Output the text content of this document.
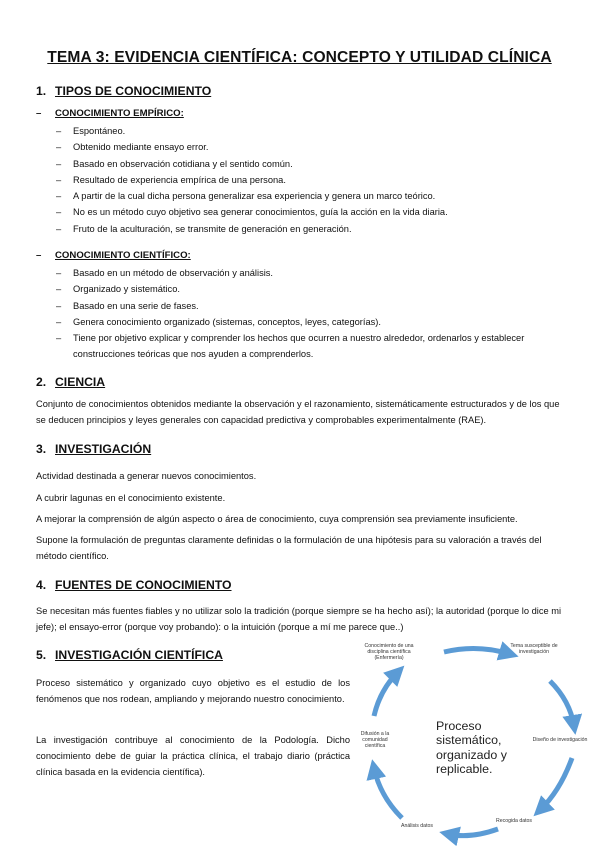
TEMA 3: EVIDENCIA CIENTÍFICA: CONCEPTO Y UTILIDAD CLÍNICA
1. TIPOS DE CONOCIMIENTO
– CONOCIMIENTO EMPÍRICO:
– Espontáneo.
– Obtenido mediante ensayo error.
– Basado en observación cotidiana y el sentido común.
– Resultado de experiencia empírica de una persona.
– A partir de la cual dicha persona generalizar esa experiencia y genera un marco teórico.
– No es un método cuyo objetivo sea generar conocimientos, guía la acción en la vida diaria.
– Fruto de la aculturación, se transmite de generación en generación.
– CONOCIMIENTO CIENTÍFICO:
– Basado en un método de observación y análisis.
– Organizado y sistemático.
– Basado en una serie de fases.
– Genera conocimiento organizado (sistemas, conceptos, leyes, categorías).
– Tiene por objetivo explicar y comprender los hechos que ocurren a nuestro alrededor, ordenarlos y establecer construcciones teóricas que nos ayuden a comprenderlos.
2. CIENCIA
Conjunto de conocimientos obtenidos mediante la observación y el razonamiento, sistemáticamente estructurados y de los que se deducen principios y leyes generales con capacidad predictiva y comprobables experimentalmente (RAE).
3. INVESTIGACIÓN
Actividad destinada a generar nuevos conocimientos.
A cubrir lagunas en el conocimiento existente.
A mejorar la comprensión de algún aspecto o área de conocimiento, cuya comprensión sea previamente insuficiente.
Supone la formulación de preguntas claramente definidas o la formulación de una hipótesis para su valoración a través del método científico.
4. FUENTES DE CONOCIMIENTO
Se necesitan más fuentes fiables y no utilizar solo la tradición (porque siempre se ha hecho así); la autoridad (porque lo dice mi jefe); el ensayo-error (porque voy probando): o la intuición (porque a mí me parece que..)
5. INVESTIGACIÓN CIENTÍFICA
Proceso sistemático y organizado cuyo objetivo es el estudio de los fenómenos que nos rodean, ampliando y mejorando nuestro conocimiento.
La investigación contribuye al conocimiento de la Podología. Dicho conocimiento debe de guiar la práctica clínica, el trabajo diario (práctica clínica basada en la evidencia científica).
Conocimiento de una disciplina científica (Enfermería)
Tema susceptible de investigación
Diseño de investigación
Recogida datos
Análisis datos
Difusión a la comunidad científica
Proceso sistemático, organizado y replicable.
